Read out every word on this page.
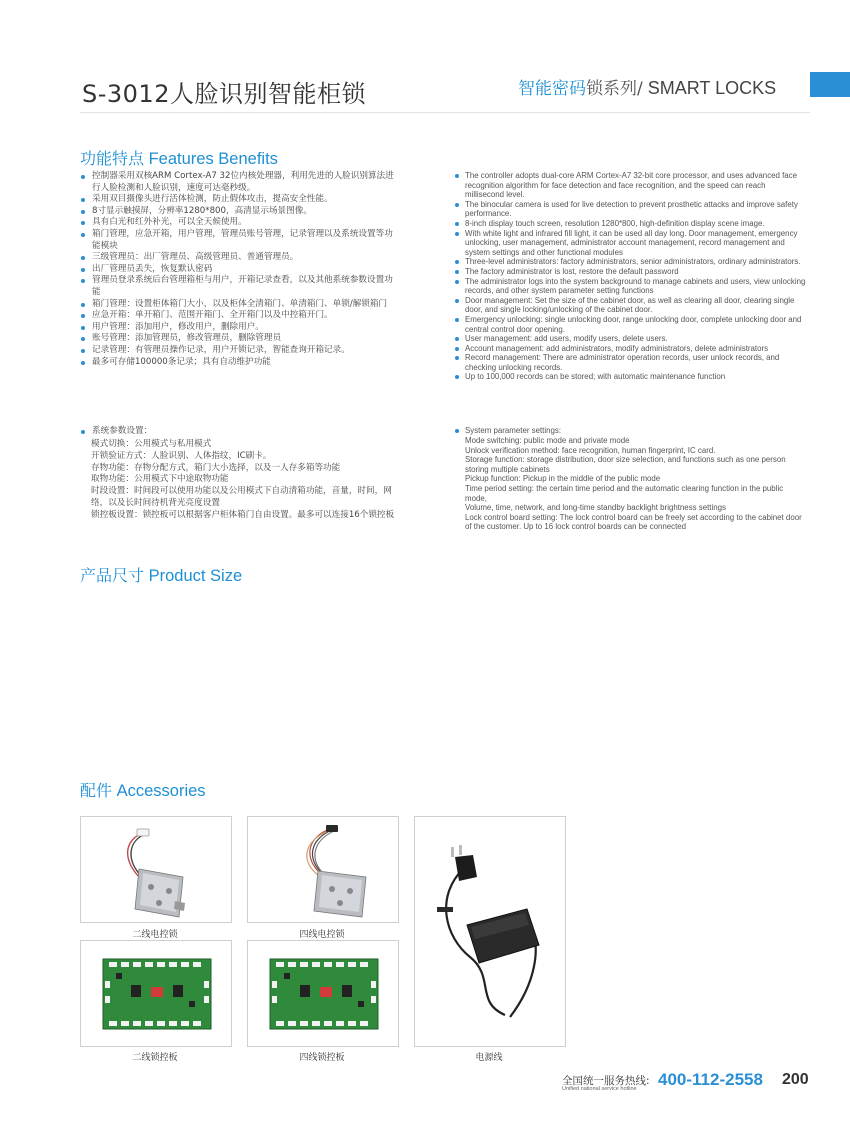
S-3012人脸识别智能柜锁	智能密码锁系列/ SMART LOCKS
功能特点 Features Benefits
控制器采用双核ARM Cortex-A7 32位内核处理器，利用先进的人脸识别算法进行人脸检测和人脸识别，速度可达毫秒级。
采用双目摄像头进行活体检测，防止假体攻击，提高安全性能。
8寸显示触摸屏，分辨率1280*800，高清显示场景图像。
具有白光和红外补光，可以全天候使用。
箱门管理，应急开箱，用户管理，管理员账号管理，记录管理以及系统设置等功能模块
三级管理员：出厂管理员、高级管理员、普通管理员。
出厂管理员丢失，恢复默认密码
管理员登录系统后台管理箱柜与用户，开箱记录查看，以及其他系统参数设置功能
箱门管理：设置柜体箱门大小，以及柜体全清箱门、单清箱门、单锁/解锁箱门
应急开箱：单开箱门、范围开箱门、全开箱门以及中控箱开门。
用户管理：添加用户，修改用户，删除用户。
账号管理：添加管理员，修改管理员，删除管理员
记录管理：有管理员操作记录，用户开锁记录，智能查询开箱记录。
最多可存储100000条记录；具有自动维护功能
系统参数设置：
模式切换：公用模式与私用模式
开锁验证方式：人脸识别、人体指纹，IC刷卡。
存物功能：存物分配方式，箱门大小选择，以及一人存多箱等功能
取物功能：公用模式下中途取物功能
时段设置：时间段可以使用功能以及公用模式下自动清箱功能，音量，时间，网络，以及长时间待机背光亮度设置
锁控板设置：锁控板可以根据客户柜体箱门自由设置。最多可以连接16个锁控板
The controller adopts dual-core ARM Cortex-A7 32-bit core processor, and uses advanced face recognition algorithm for face detection and face recognition, and the speed can reach millisecond level.
The binocular camera is used for live detection to prevent prosthetic attacks and improve safety performance.
8-inch display touch screen, resolution 1280*800, high-definition display scene image.
With white light and infrared fill light, it can be used all day long. Door management, emergency unlocking, user management, administrator account management, record management and system settings and other functional modules
Three-level administrators: factory administrators, senior administrators, ordinary administrators.
The factory administrator is lost, restore the default password
The administrator logs into the system background to manage cabinets and users, view unlocking records, and other system parameter setting functions
Door management: Set the size of the cabinet door, as well as clearing all door, clearing single door, and single locking/unlocking of the cabinet door.
Emergency unlocking: single unlocking door, range unlocking door, complete unlocking door and central control door opening.
User management: add users, modify users, delete users.
Account management: add administrators, modify administrators, delete administrators
Record management: There are administrator operation records, user unlock records, and checking unlocking records.
Up to 100,000 records can be stored; with automatic maintenance function
System parameter settings:
Mode switching: public mode and private mode
Unlock verification method: face recognition, human fingerprint, IC card.
Storage function: storage distribution, door size selection, and functions such as one person storing multiple cabinets
Pickup function: Pickup in the middle of the public mode
Time period setting: the certain time period and the automatic clearing function in the public mode,
Volume, time, network, and long-time standby backlight brightness settings
Lock control board setting: The lock control board can be freely set according to the cabinet door of the customer. Up to 16 lock control boards can be connected
产品尺寸 Product Size
配件 Accessories
二线电控锁	四线电控锁
二线锁控板	四线锁控板	电源线
全国统一服务热线:
Unified national service hotline 400-112-2558 200
